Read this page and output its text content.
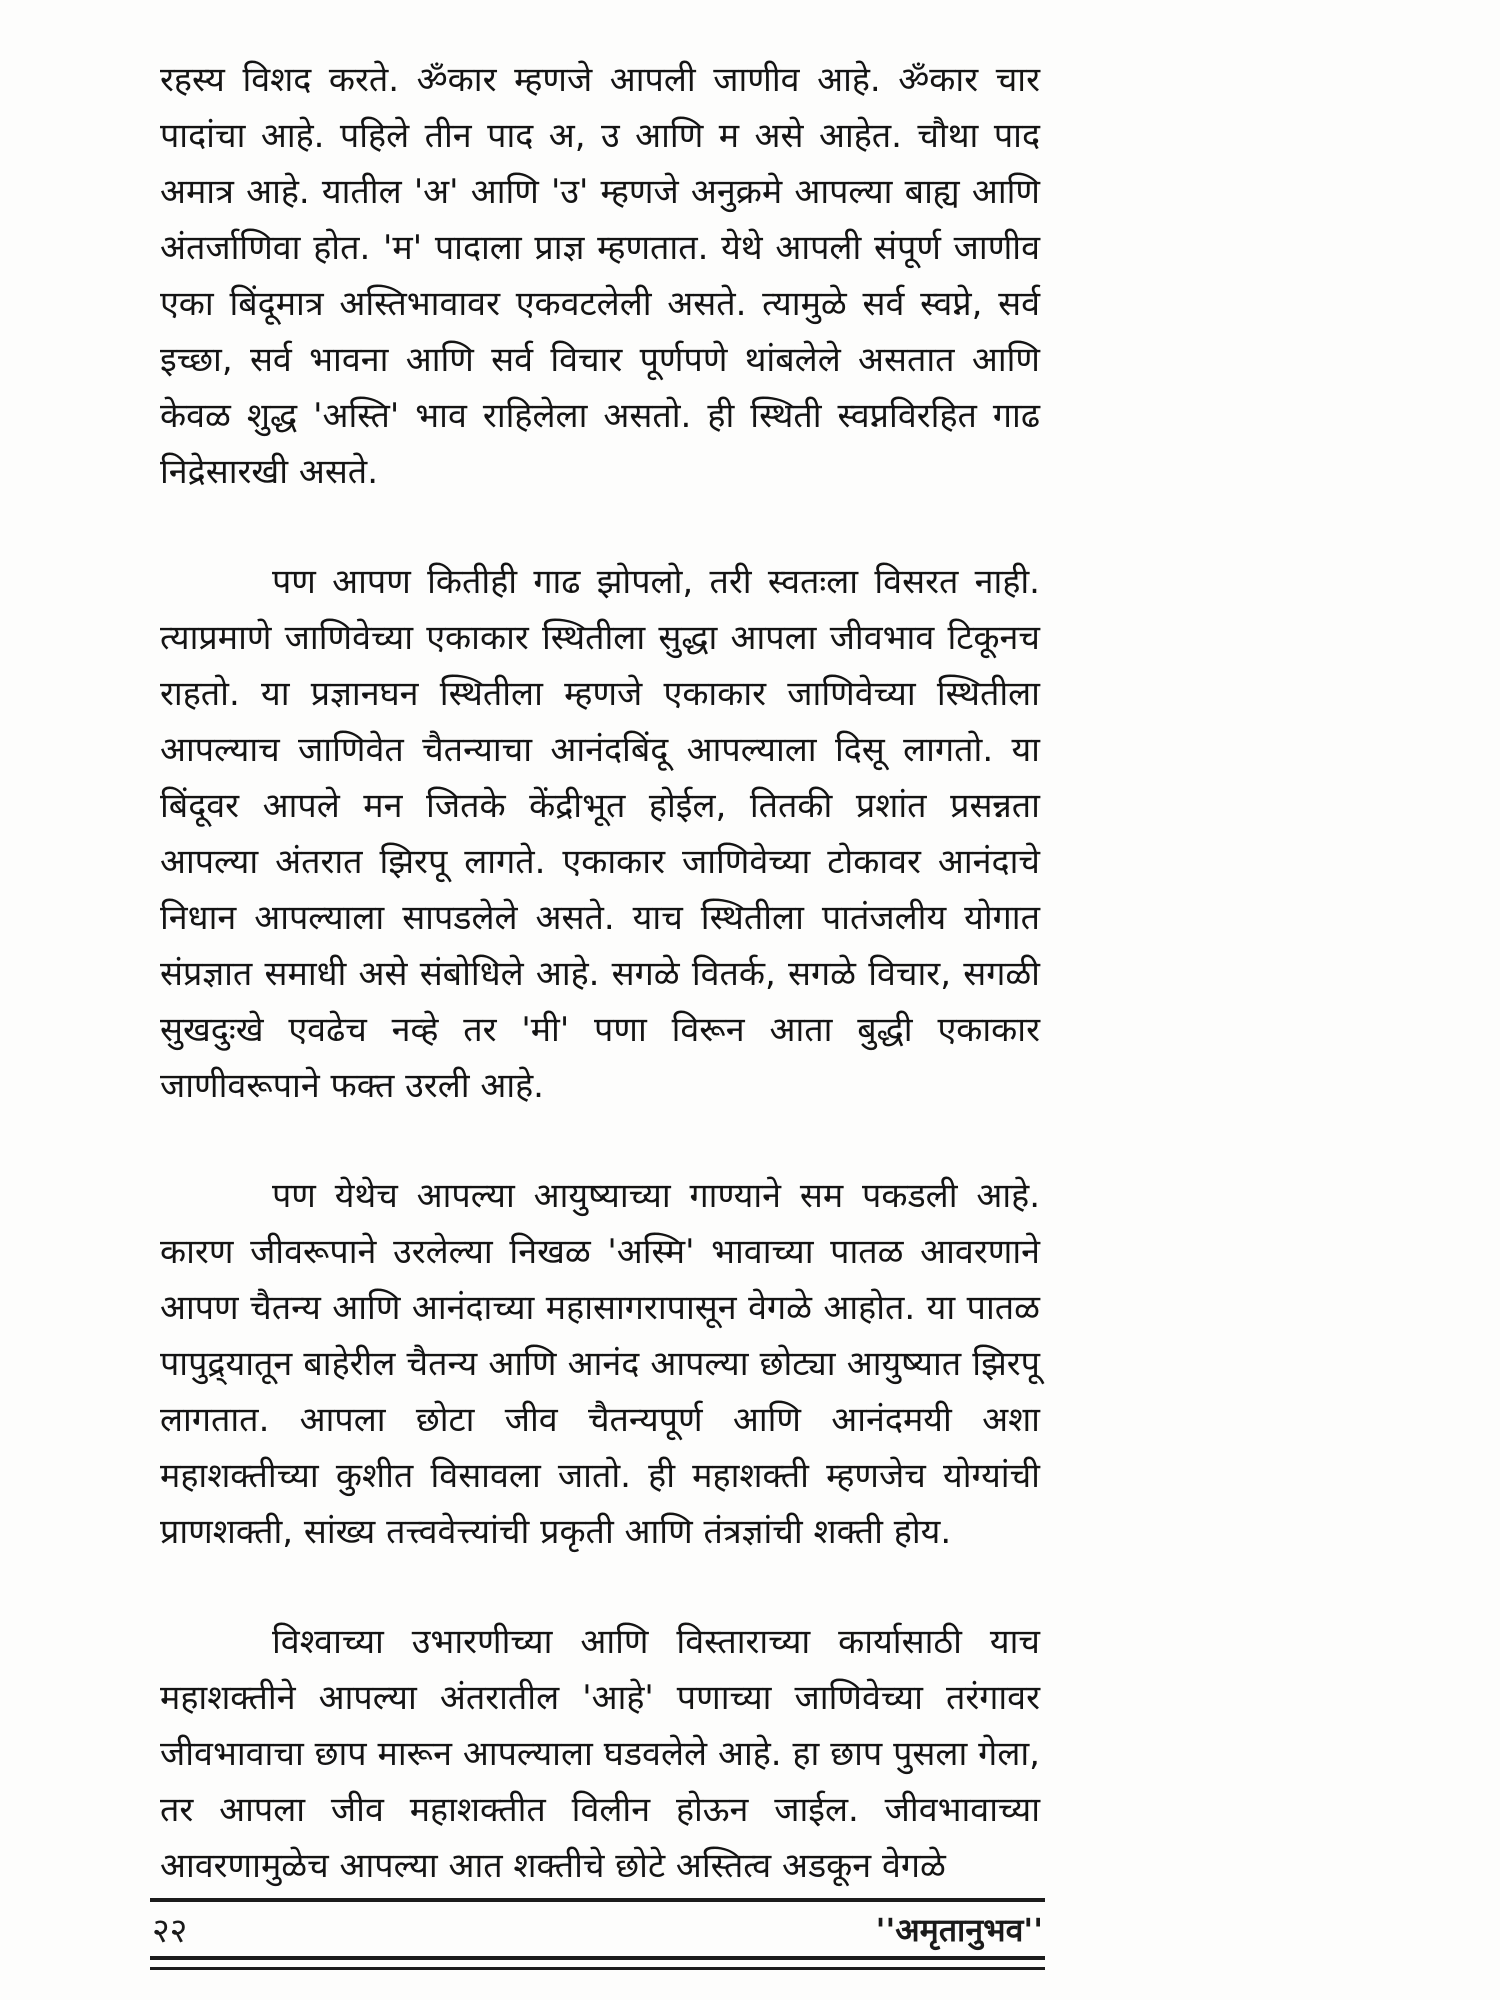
रहस्य विशद करते. ॐकार म्हणजे आपली जाणीव आहे. ॐकार चार पादांचा आहे. पहिले तीन पाद अ, उ आणि म असे आहेत. चौथा पाद अमात्र आहे. यातील 'अ' आणि 'उ' म्हणजे अनुक्रमे आपल्या बाह्य आणि अंतर्जाणिवा होत. 'म' पादाला प्राज्ञ म्हणतात. येथे आपली संपूर्ण जाणीव एका बिंदूमात्र अस्तिभावावर एकवटलेली असते. त्यामुळे सर्व स्वप्ने, सर्व इच्छा, सर्व भावना आणि सर्व विचार पूर्णपणे थांबलेले असतात आणि केवळ शुद्ध 'अस्ति' भाव राहिलेला असतो. ही स्थिती स्वप्नविरहित गाढ निद्रेसारखी असते.

पण आपण कितीही गाढ झोपलो, तरी स्वतःला विसरत नाही. त्याप्रमाणे जाणिवेच्या एकाकार स्थितीला सुद्धा आपला जीवभाव टिकूनच राहतो. या प्रज्ञानघन स्थितीला म्हणजे एकाकार जाणिवेच्या स्थितीला आपल्याच जाणिवेत चैतन्याचा आनंदबिंदू आपल्याला दिसू लागतो. या बिंदूवर आपले मन जितके केंद्रीभूत होईल, तितकी प्रशांत प्रसन्नता आपल्या अंतरात झिरपू लागते. एकाकार जाणिवेच्या टोकावर आनंदाचे निधान आपल्याला सापडलेले असते. याच स्थितीला पातंजलीय योगात संप्रज्ञात समाधी असे संबोधिले आहे. सगळे वितर्क, सगळे विचार, सगळी सुखदुःखे एवढेच नव्हे तर 'मी' पणा विरून आता बुद्धी एकाकार जाणीवरूपाने फक्त उरली आहे.

पण येथेच आपल्या आयुष्याच्या गाण्याने सम पकडली आहे. कारण जीवरूपाने उरलेल्या निखळ 'अस्मि' भावाच्या पातळ आवरणाने आपण चैतन्य आणि आनंदाच्या महासागरापासून वेगळे आहोत. या पातळ पापुद्र्यातून बाहेरील चैतन्य आणि आनंद आपल्या छोट्या आयुष्यात झिरपू लागतात. आपला छोटा जीव चैतन्यपूर्ण आणि आनंदमयी अशा महाशक्तीच्या कुशीत विसावला जातो. ही महाशक्ती म्हणजेच योग्यांची प्राणशक्ती, सांख्य तत्त्ववेत्त्यांची प्रकृती आणि तंत्रज्ञांची शक्ती होय.

विश्वाच्या उभारणीच्या आणि विस्ताराच्या कार्यासाठी याच महाशक्तीने आपल्या अंतरातील 'आहे' पणाच्या जाणिवेच्या तरंगावर जीवभावाचा छाप मारून आपल्याला घडवलेले आहे. हा छाप पुसला गेला, तर आपला जीव महाशक्तीत विलीन होऊन जाईल. जीवभावाच्या आवरणामुळेच आपल्या आत शक्तीचे छोटे अस्तित्व अडकून वेगळे

२२	''अमृतानुभव''
